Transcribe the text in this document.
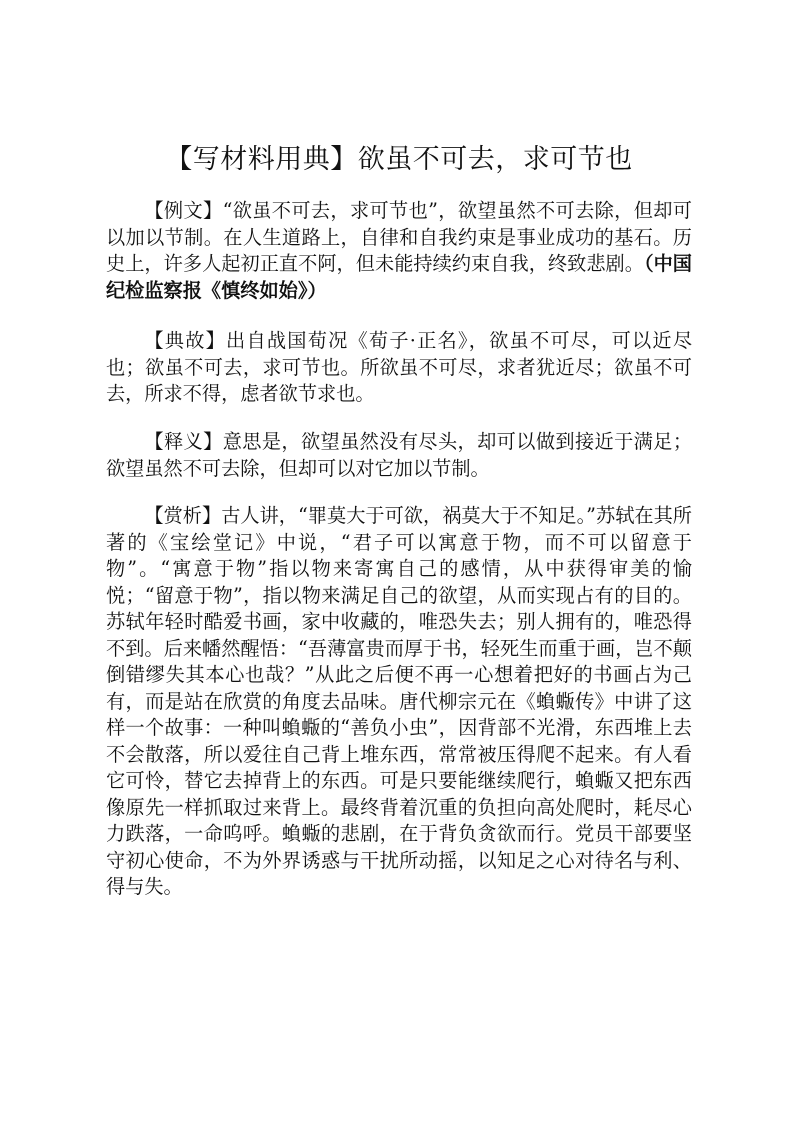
【写材料用典】欲虽不可去，求可节也

【例文】“欲虽不可去，求可节也”，欲望虽然不可去除，但却可以加以节制。在人生道路上，自律和自我约束是事业成功的基石。历史上，许多人起初正直不阿，但未能持续约束自我，终致悲剧。（中国纪检监察报《慎终如始》）

【典故】出自战国荀况《荀子·正名》，欲虽不可尽，可以近尽也；欲虽不可去，求可节也。所欲虽不可尽，求者犹近尽；欲虽不可去，所求不得，虑者欲节求也。

【释义】意思是，欲望虽然没有尽头，却可以做到接近于满足；欲望虽然不可去除，但却可以对它加以节制。

【赏析】古人讲，“罪莫大于可欲，祸莫大于不知足。”苏轼在其所著的《宝绘堂记》中说，“君子可以寓意于物，而不可以留意于物”。“寓意于物”指以物来寄寓自己的感情，从中获得审美的愉悦；“留意于物”，指以物来满足自己的欲望，从而实现占有的目的。苏轼年轻时酷爱书画，家中收藏的，唯恐失去；别人拥有的，唯恐得不到。后来幡然醒悟：“吾薄富贵而厚于书，轻死生而重于画，岂不颠倒错缪失其本心也哉？”从此之后便不再一心想着把好的书画占为己有，而是站在欣赏的角度去品味。唐代柳宗元在《蝜蝂传》中讲了这样一个故事：一种叫蝜蝂的“善负小虫”，因背部不光滑，东西堆上去不会散落，所以爱往自己背上堆东西，常常被压得爬不起来。有人看它可怜，替它去掉背上的东西。可是只要能继续爬行，蝜蝂又把东西像原先一样抓取过来背上。最终背着沉重的负担向高处爬时，耗尽心力跌落，一命呜呼。蝜蝂的悲剧，在于背负贪欲而行。党员干部要坚守初心使命，不为外界诱惑与干扰所动摇，以知足之心对待名与利、得与失。
